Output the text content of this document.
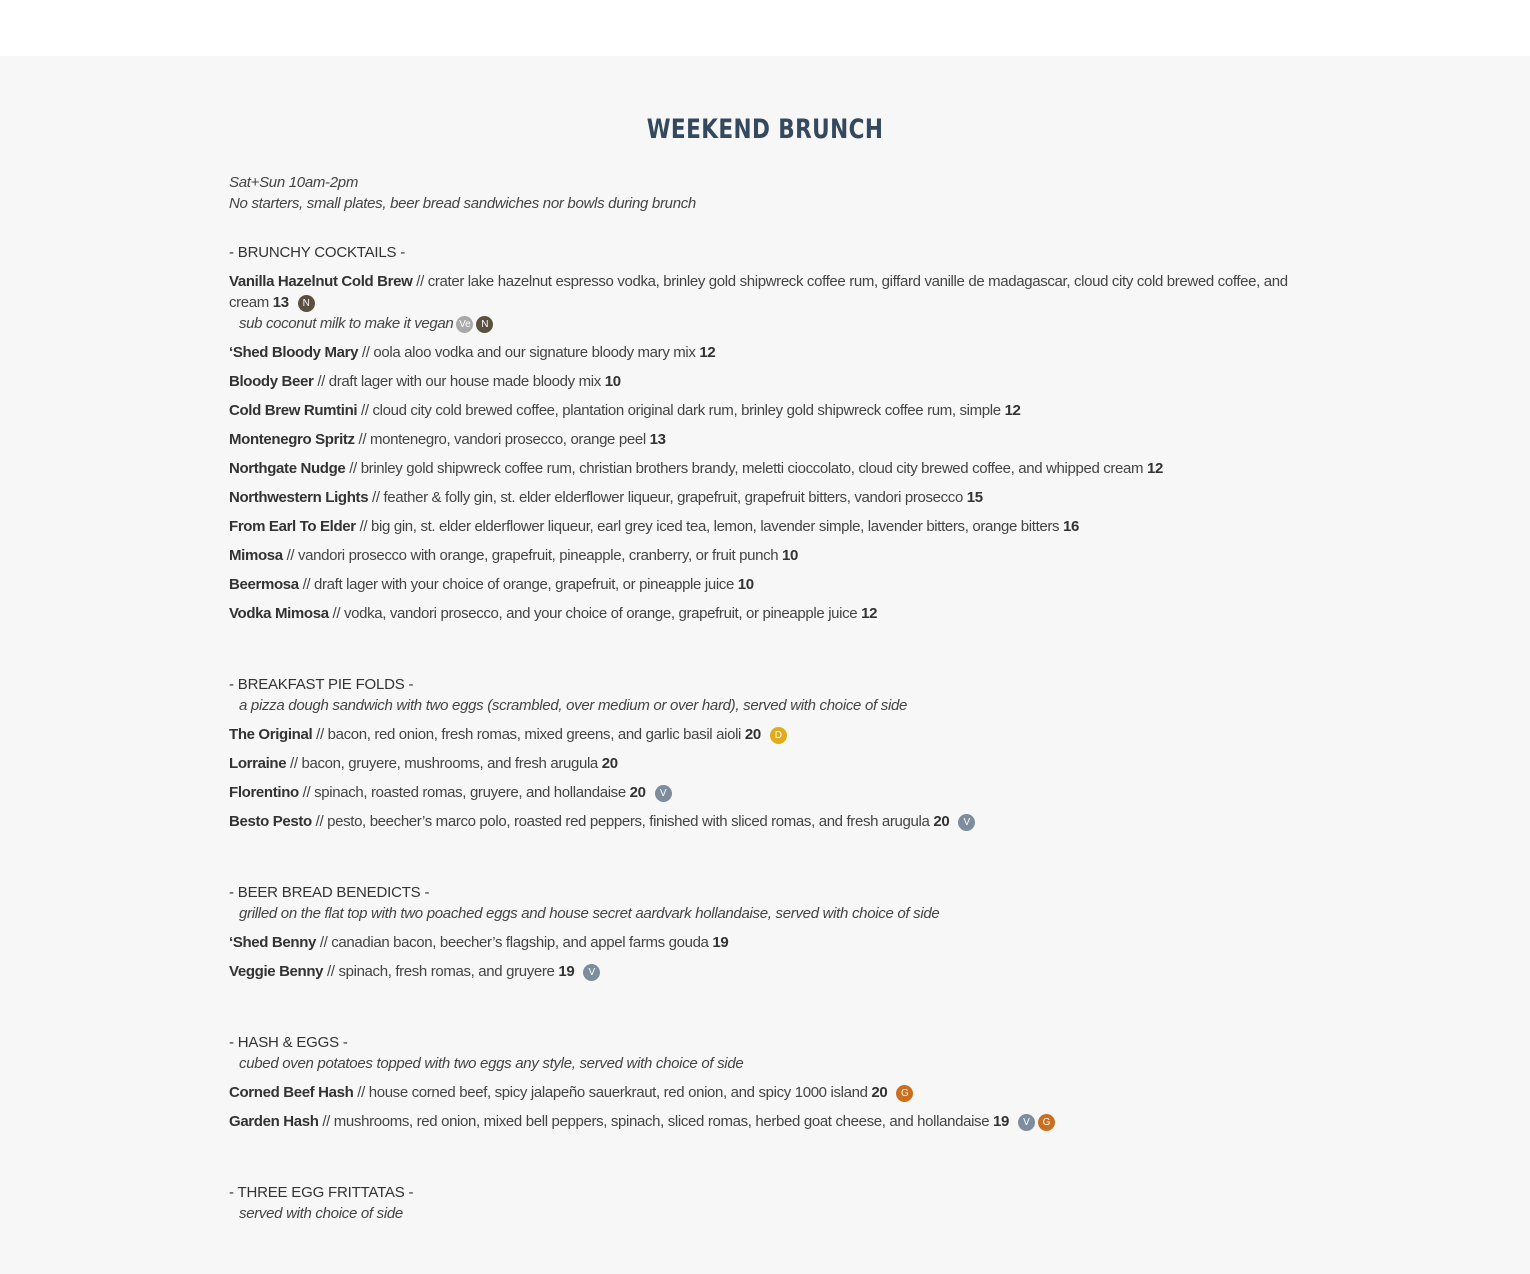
WEEKEND BRUNCH
Sat+Sun 10am-2pm
No starters, small plates, beer bread sandwiches nor bowls during brunch
- BRUNCHY COCKTAILS -
Vanilla Hazelnut Cold Brew // crater lake hazelnut espresso vodka, brinley gold shipwreck coffee rum, giffard vanille de madagascar, cloud city cold brewed coffee, and cream 13 N
sub coconut milk to make it vegan Ve N
‘Shed Bloody Mary // oola aloo vodka and our signature bloody mary mix 12
Bloody Beer // draft lager with our house made bloody mix 10
Cold Brew Rumtini // cloud city cold brewed coffee, plantation original dark rum, brinley gold shipwreck coffee rum, simple 12
Montenegro Spritz // montenegro, vandori prosecco, orange peel 13
Northgate Nudge // brinley gold shipwreck coffee rum, christian brothers brandy, meletti cioccolato, cloud city brewed coffee, and whipped cream 12
Northwestern Lights // feather & folly gin, st. elder elderflower liqueur, grapefruit, grapefruit bitters, vandori prosecco 15
From Earl To Elder // big gin, st. elder elderflower liqueur, earl grey iced tea, lemon, lavender simple, lavender bitters, orange bitters 16
Mimosa // vandori prosecco with orange, grapefruit, pineapple, cranberry, or fruit punch 10
Beermosa // draft lager with your choice of orange, grapefruit, or pineapple juice 10
Vodka Mimosa // vodka, vandori prosecco, and your choice of orange, grapefruit, or pineapple juice 12
- BREAKFAST PIE FOLDS -
a pizza dough sandwich with two eggs (scrambled, over medium or over hard), served with choice of side
The Original // bacon, red onion, fresh romas, mixed greens, and garlic basil aioli 20 D
Lorraine // bacon, gruyere, mushrooms, and fresh arugula 20
Florentino // spinach, roasted romas, gruyere, and hollandaise 20 V
Besto Pesto // pesto, beecher’s marco polo, roasted red peppers, finished with sliced romas, and fresh arugula 20 V
- BEER BREAD BENEDICTS -
grilled on the flat top with two poached eggs and house secret aardvark hollandaise, served with choice of side
‘Shed Benny // canadian bacon, beecher’s flagship, and appel farms gouda 19
Veggie Benny // spinach, fresh romas, and gruyere 19 V
- HASH & EGGS -
cubed oven potatoes topped with two eggs any style, served with choice of side
Corned Beef Hash // house corned beef, spicy jalapeño sauerkraut, red onion, and spicy 1000 island 20 G
Garden Hash // mushrooms, red onion, mixed bell peppers, spinach, sliced romas, herbed goat cheese, and hollandaise 19 V G
- THREE EGG FRITTATAS -
served with choice of side
